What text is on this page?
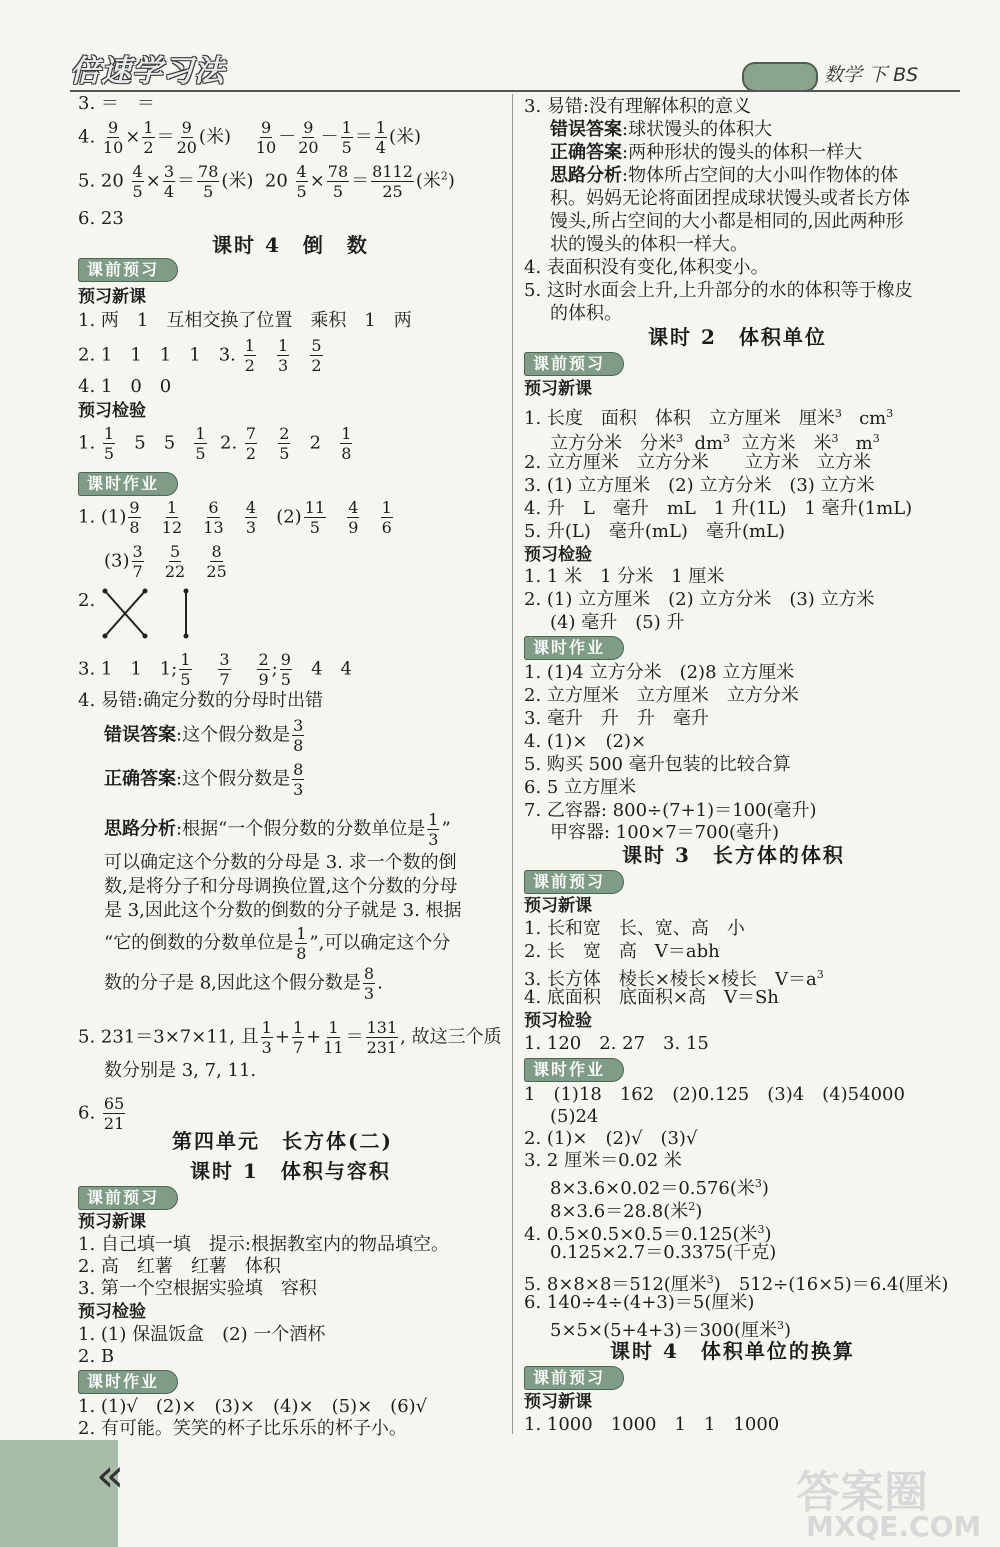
倍速学习法	数学 下 BS
3. ＝　＝
4. $\frac{9}{10} \times \frac{1}{2} = \frac{9}{20}$ (米) $\frac{9}{10} - \frac{9}{20} - \frac{1}{5} = \frac{1}{4}$ (米)
5. $20 \frac{4}{5} \times \frac{3}{4} = \frac{78}{5}$ (米) $20 \frac{4}{5} \times \frac{78}{5} = \frac{8112}{25}$ (米$^2$)
6. 23
课时 4　倒　数
课前预习
预习新课
1. 两　1　互相交换了位置　乘积　1　两
2. 1　1　1　1　3. $\frac{1}{2}$
$\frac{1}{3}$
$\frac{5}{2}$
4. 1　0　0
预习检验
1. $\frac{1}{5} 5$　$5 \frac{1}{5} 2$. $\frac{7}{2}$
$\frac{2}{5} 2 \frac{1}{8}$
课时作业
1. $(1) \frac{9}{8}$
$\frac{1}{12}$
$\frac{6}{13}$
$\frac{4}{3} (2) \frac{11}{5}$
$\frac{4}{9}$
$\frac{1}{6}$
$(3) \frac{3}{7}$
$\frac{5}{22}$
$\frac{8}{25}$
2.
3. 1　1　1; $\frac{1}{5}$
$\frac{3}{7}$
$\frac{2}{9}$ ; $\frac{9}{5} 4$　4
4. 易错:确定分数的分母时出错
错误答案:这个假分数是 $\frac{3}{8}$
正确答案:这个假分数是 $\frac{8}{3}$
思路分析:根据“一个假分数的分数单位是 $\frac{1}{3}$ ”
可以确定这个分数的分母是 3. 求一个数的倒
数,是将分子和分母调换位置,这个分数的分母
是 3,因此这个分数的倒数的分子就是 3. 根据
“它的倒数的分数单位是 $\frac{1}{8}$ ”,可以确定这个分
数的分子是 8,因此这个假分数是 $\frac{8}{3}$ .
5. 231＝3×7×11, 且 $\frac{1}{3} + \frac{1}{7} + \frac{1}{11} = \frac{131}{231}$ , 故这三个质
数分别是 3, 7, 11.
6. $\frac{65}{21}$
第四单元　长方体(二)
课时 1　体积与容积
课前预习
预习新课
1. 自己填一填　提示:根据教室内的物品填空。
2. 高　红薯　红薯　体积
3. 第一个空根据实验填　容积
预习检验
1. (1) 保温饭盒　(2) 一个酒杯
2. B
课时作业
1. (1)√　(2)×　(3)×　(4)×　(5)×　(6)√
2. 有可能。笑笑的杯子比乐乐的杯子小。
3. 易错:没有理解体积的意义
错误答案:球状馒头的体积大
正确答案:两种形状的馒头的体积一样大
思路分析:物体所占空间的大小叫作物体的体
积。妈妈无论将面团捏成球状馒头或者长方体
馒头,所占空间的大小都是相同的,因此两种形
状的馒头的体积一样大。
4. 表面积没有变化,体积变小。
5. 这时水面会上升,上升部分的水的体积等于橡皮
的体积。
课时 2　体积单位
课前预习
预习新课
1. 长度　面积　体积　立方厘米　厘米$^3$ $cm^3$
立方分米　分米$^3$ $dm^3$ 立方米　米$^3$ $m^3$
2. 立方厘米　立方分米　　立方米　立方米
3. (1) 立方厘米　(2) 立方分米　(3) 立方米
4. 升　L　毫升　mL　1 升(1L)　1 毫升(1mL)
5. 升(L)　毫升(mL)　毫升(mL)
预习检验
1. 1 米　1 分米　1 厘米
2. (1) 立方厘米　(2) 立方分米　(3) 立方米
(4) 毫升　(5) 升
课时作业
1. (1)4 立方分米　(2)8 立方厘米
2. 立方厘米　立方厘米　立方分米
3. 毫升　升　升　毫升
4. (1)×　(2)×
5. 购买 500 毫升包装的比较合算
6. 5 立方厘米
7. 乙容器: 800÷(7+1)＝100(毫升)
甲容器: 100×7＝700(毫升)
课时 3　长方体的体积
课前预习
预习新课
1. 长和宽　长、宽、高　小
2. 长　宽　高　V＝abh
3. 长方体　棱长×棱长×棱长　$V=a^3$
4. 底面积　底面积×高　V＝Sh
预习检验
1. 120　2. 27　3. 15
课时作业
1　(1)18　162　(2)0.125　(3)4　(4)54000
(5)24
2. (1)×　(2)√　(3)√
3. 2 厘米＝0.02 米
8×3.6×0.02＝0.576(米$^3$)
8×3.6＝28.8(米$^2$)
4. 0.5×0.5×0.5＝0.125(米$^3$)
0.125×2.7＝0.3375(千克)
5. 8×8×8＝512(厘米$^3$)　512÷(16×5)＝6.4(厘米)
6. 140÷4÷(4+3)＝5(厘米)
5×5×(5+4+3)＝300(厘米$^3$)
课时 4　体积单位的换算
课前预习
预习新课
1. 1000　1000　1　1　1000
«	答案圈
MXQE.COM
